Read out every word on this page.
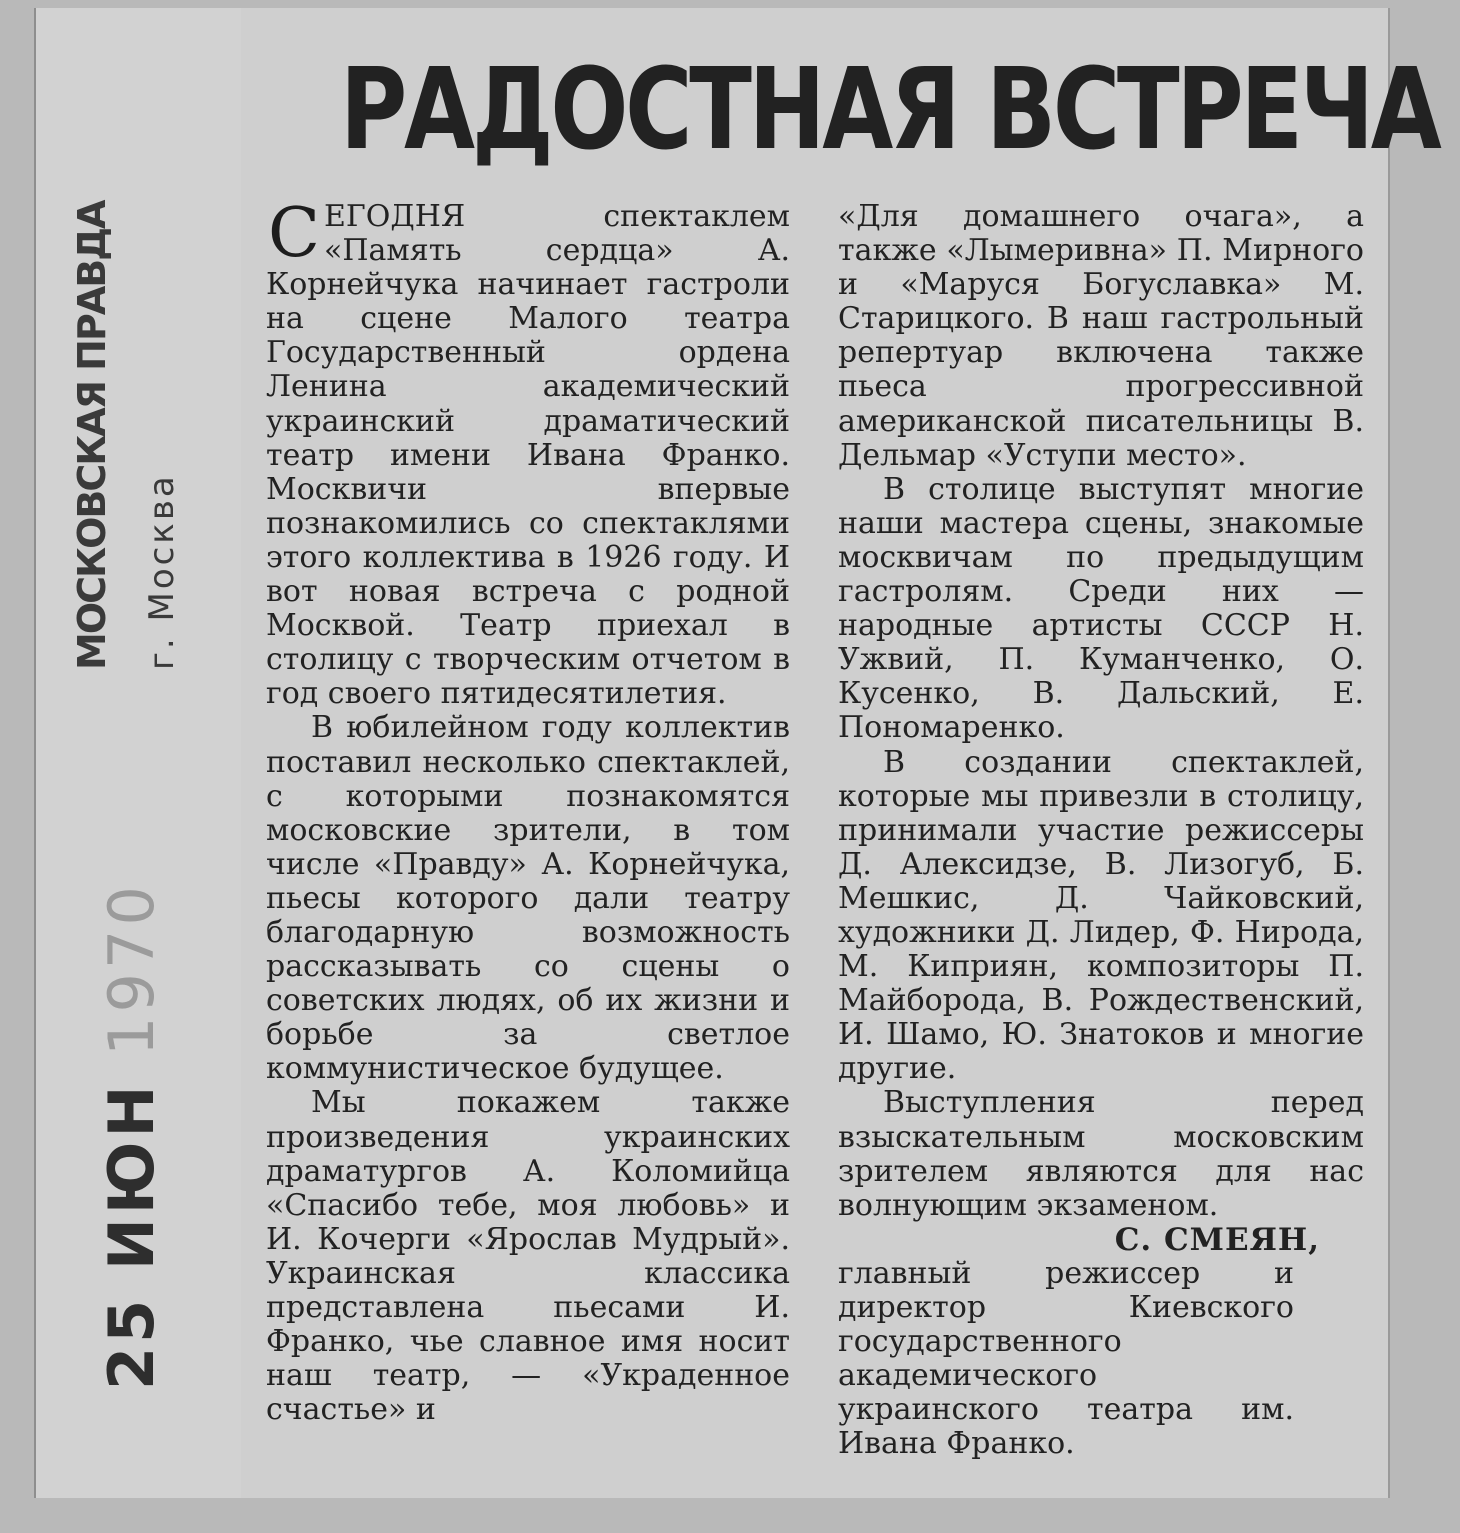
МОСКОВСКАЯ ПРАВДА г. Москва
25 ИЮН 1970
РАДОСТНАЯ ВСТРЕЧА

СЕГОДНЯ спектаклем «Память сердца» А. Корнейчука начинает гастроли на сцене Малого театра Государственный ордена Ленина академический украинский драматический театр имени Ивана Франко. Москвичи впервые познакомились со спектаклями этого коллектива в 1926 году. И вот новая встреча с родной Москвой. Театр приехал в столицу с творческим отчетом в год своего пятидесятилетия.

В юбилейном году коллектив поставил несколько спектаклей, с которыми познакомятся московские зрители, в том числе «Правду» А. Корнейчука, пьесы которого дали театру благодарную возможность рассказывать со сцены о советских людях, об их жизни и борьбе за светлое коммунистическое будущее.

Мы покажем также произведения украинских драматургов А. Коломийца «Спасибо тебе, моя любовь» и И. Кочерги «Ярослав Мудрый». Украинская классика представлена пьесами И. Франко, чье славное имя носит наш театр, — «Украденное счастье» и

«Для домашнего очага», а также «Лымеривна» П. Мирного и «Маруся Богуславка» М. Старицкого. В наш гастрольный репертуар включена также пьеса прогрессивной американской писательницы В. Дельмар «Уступи место».

В столице выступят многие наши мастера сцены, знакомые москвичам по предыдущим гастролям. Среди них — народные артисты СССР Н. Ужвий, П. Куманченко, О. Кусенко, В. Дальский, Е. Пономаренко.

В создании спектаклей, которые мы привезли в столицу, принимали участие режиссеры Д. Алексидзе, В. Лизогуб, Б. Мешкис, Д. Чайковский, художники Д. Лидер, Ф. Нирода, М. Киприян, композиторы П. Майборода, В. Рождественский, И. Шамо, Ю. Знатоков и многие другие.

Выступления перед взыскательным московским зрителем являются для нас волнующим экзаменом.

С. СМЕЯН,

главный режиссер и директор Киевского государственного академического украинского театра им. Ивана Франко.
